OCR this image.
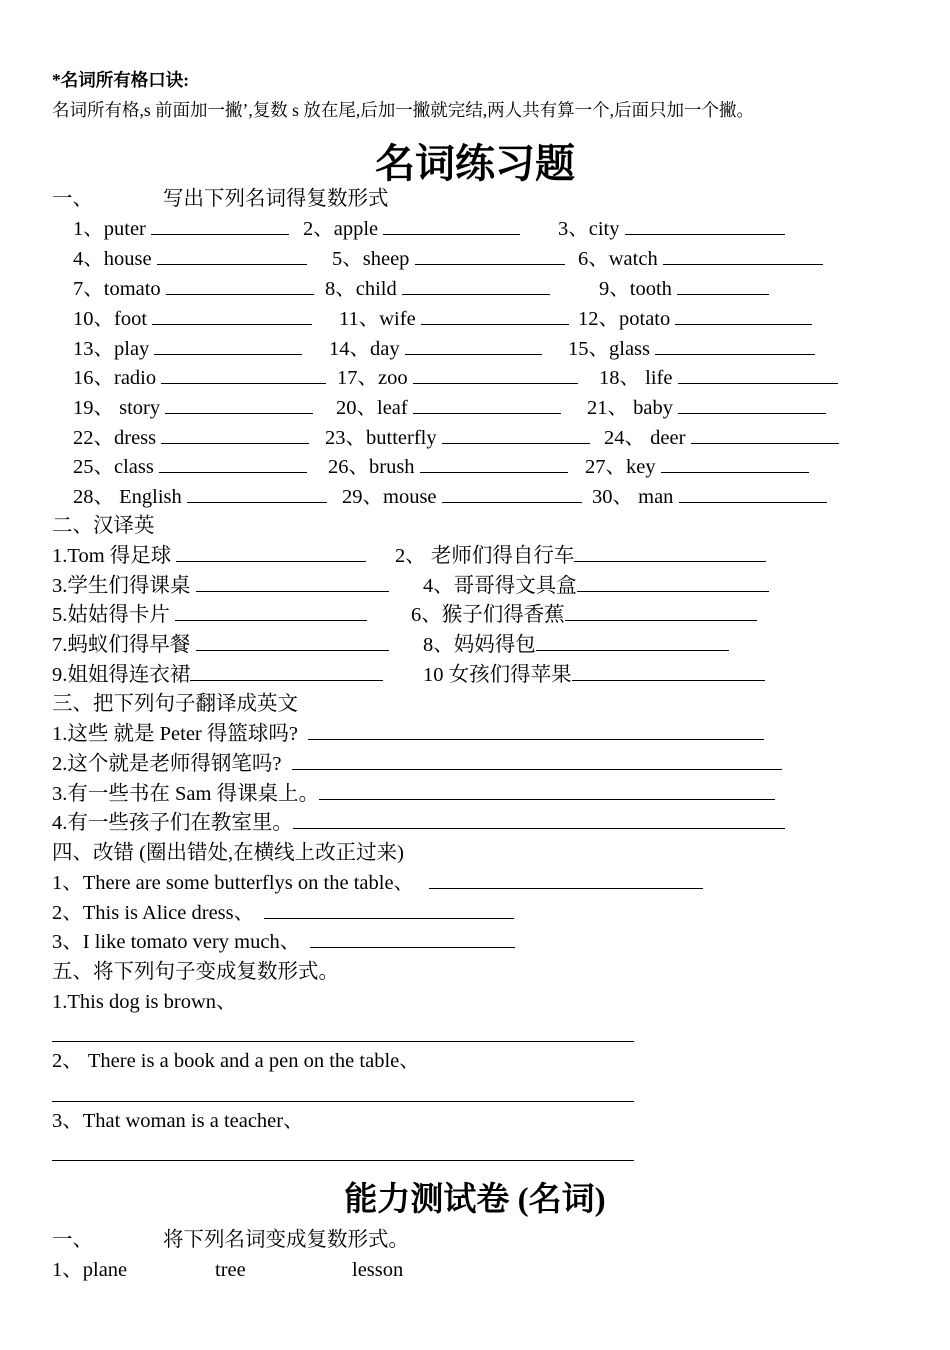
*名词所有格口诀:
名词所有格,s 前面加一撇’,复数 s 放在尾,后加一撇就完结,两人共有算一个,后面只加一个撇。
名词练习题
一、	写出下列名词得复数形式
1、puter	2、apple	3、city
4、house	5、sheep	6、watch
7、tomato	8、child	9、tooth
10、foot	11、wife	12、potato
13、play	14、day	15、glass
16、radio	17、zoo	18、 life
19、 story	20、leaf	21、 baby
22、dress	23、butterfly	24、 deer
25、class	26、brush	27、key
28、 English	29、mouse	30、 man
二、汉译英
1.Tom 得足球	2、 老师们得自行车
3.学生们得课桌	4、哥哥得文具盒
5.姑姑得卡片	6、猴子们得香蕉
7.蚂蚁们得早餐	8、妈妈得包
9.姐姐得连衣裙	10 女孩们得苹果
三、把下列句子翻译成英文
1.这些 就是 Peter 得篮球吗?
2.这个就是老师得钢笔吗?
3.有一些书在 Sam 得课桌上。
4.有一些孩子们在教室里。
四、改错 (圈出错处,在横线上改正过来)
1、There are some butterflys on the table、
2、This is Alice dress、
3、I like tomato very much、
五、将下列句子变成复数形式。
1.This dog is brown、
2、 There is a book and a pen on the table、
3、That woman is a teacher、
能力测试卷 (名词)
一、	将下列名词变成复数形式。
1、plane	tree	lesson
